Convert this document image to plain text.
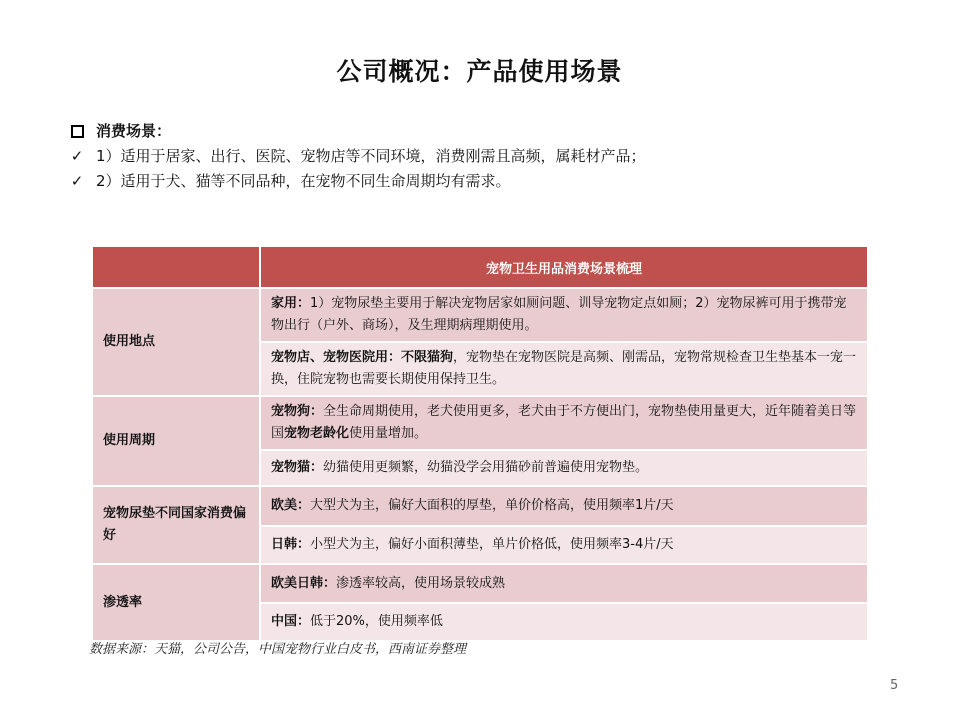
公司概况：产品使用场景
消费场景：
✓ 1）适用于居家、出行、医院、宠物店等不同环境，消费刚需且高频，属耗材产品；
✓ 2）适用于犬、猫等不同品种，在宠物不同生命周期均有需求。
	宠物卫生用品消费场景梳理
使用地点	家用：1）宠物尿垫主要用于解决宠物居家如厕问题、训导宠物定点如厕；2）宠物尿裤可用于携带宠物出行（户外、商场），及生理期病理期使用。
	宠物店、宠物医院用：不限猫狗，宠物垫在宠物医院是高频、刚需品，宠物常规检查卫生垫基本一宠一换，住院宠物也需要长期使用保持卫生。
使用周期	宠物狗：全生命周期使用，老犬使用更多，老犬由于不方便出门，宠物垫使用量更大，近年随着美日等国宠物老龄化使用量增加。
	宠物猫：幼猫使用更频繁，幼猫没学会用猫砂前普遍使用宠物垫。
宠物尿垫不同国家消费偏好	欧美：大型犬为主，偏好大面积的厚垫，单价价格高，使用频率1片/天
	日韩：小型犬为主，偏好小面积薄垫，单片价格低，使用频率3-4片/天
渗透率	欧美日韩：渗透率较高，使用场景较成熟
	中国：低于20%，使用频率低
数据来源：天猫，公司公告，中国宠物行业白皮书，西南证券整理
5
